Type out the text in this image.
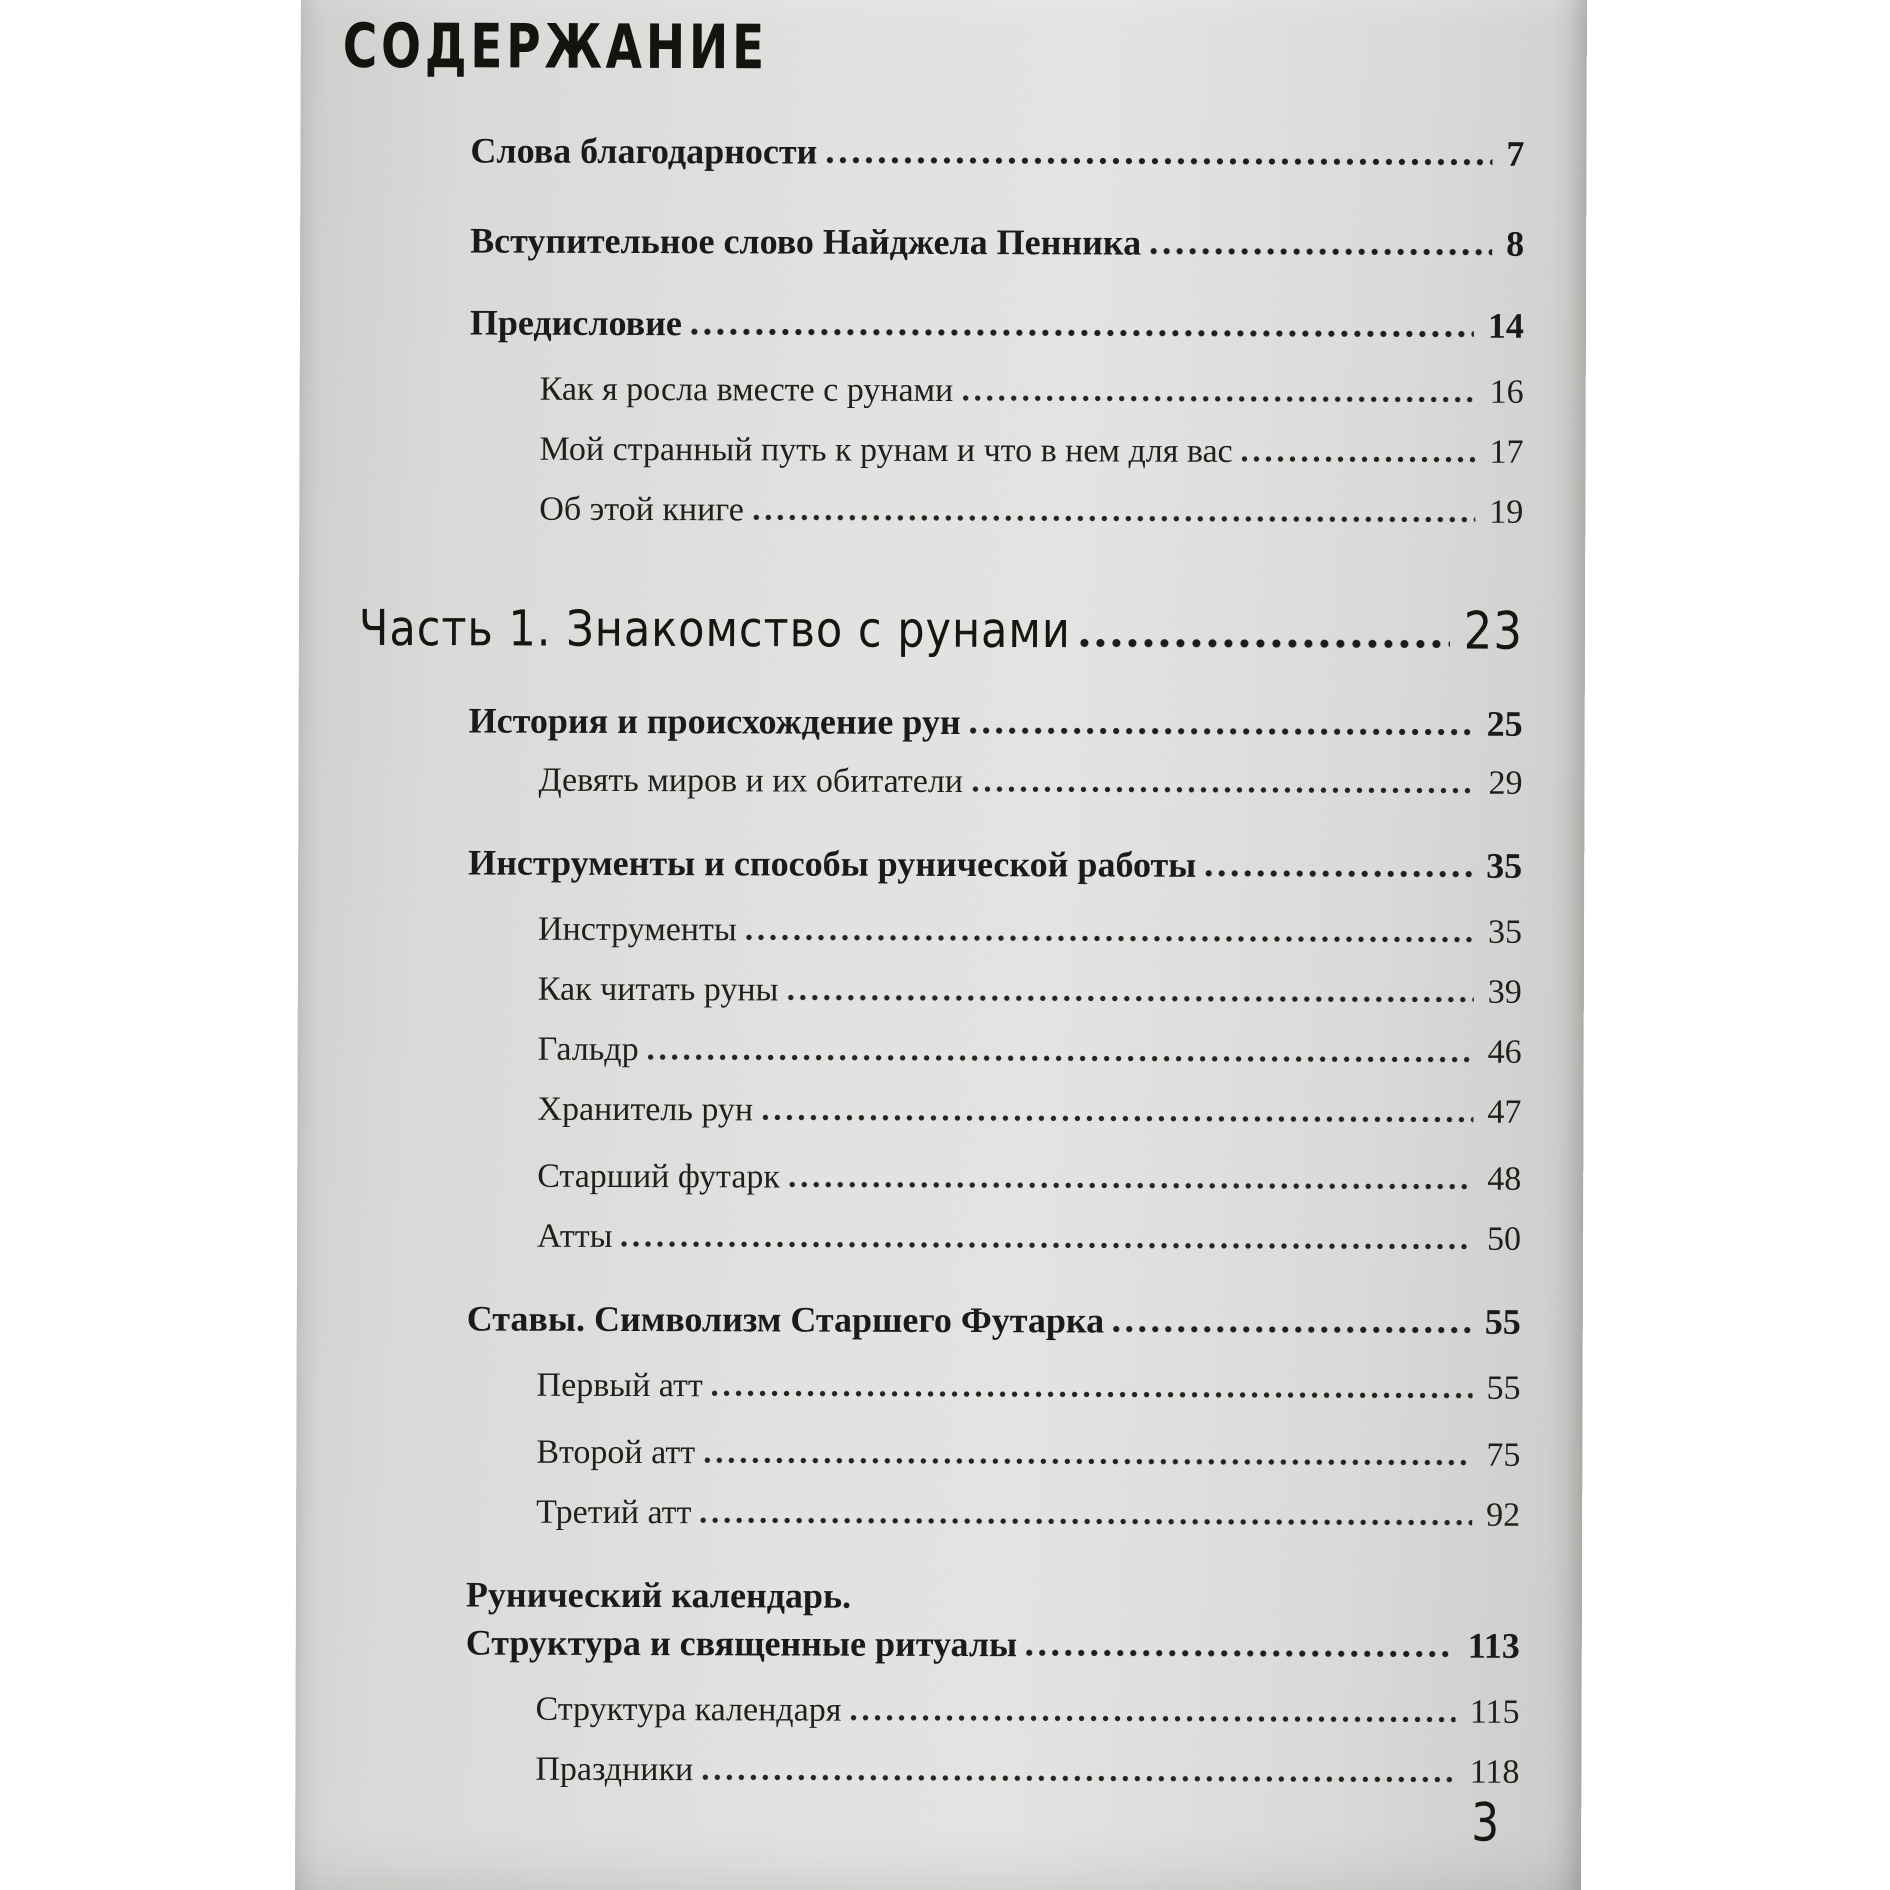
СОДЕРЖАНИЕ
Слова благодарности	7
Вступительное слово Найджела Пенника	8
Предисловие	14
Как я росла вместе с рунами	16
Мой странный путь к рунам и что в нем для вас	17
Об этой книге	19
Часть 1. Знакомство с рунами	23
История и происхождение рун	25
Девять миров и их обитатели	29
Инструменты и способы рунической работы	35
Инструменты	35
Как читать руны	39
Гальдр	46
Хранитель рун	47
Старший футарк	48
Атты	50
Ставы. Символизм Старшего Футарка	55
Первый атт	55
Второй атт	75
Третий атт	92
Рунический календарь.
Структура и священные ритуалы	113
Структура календаря	115
Праздники	118
3
